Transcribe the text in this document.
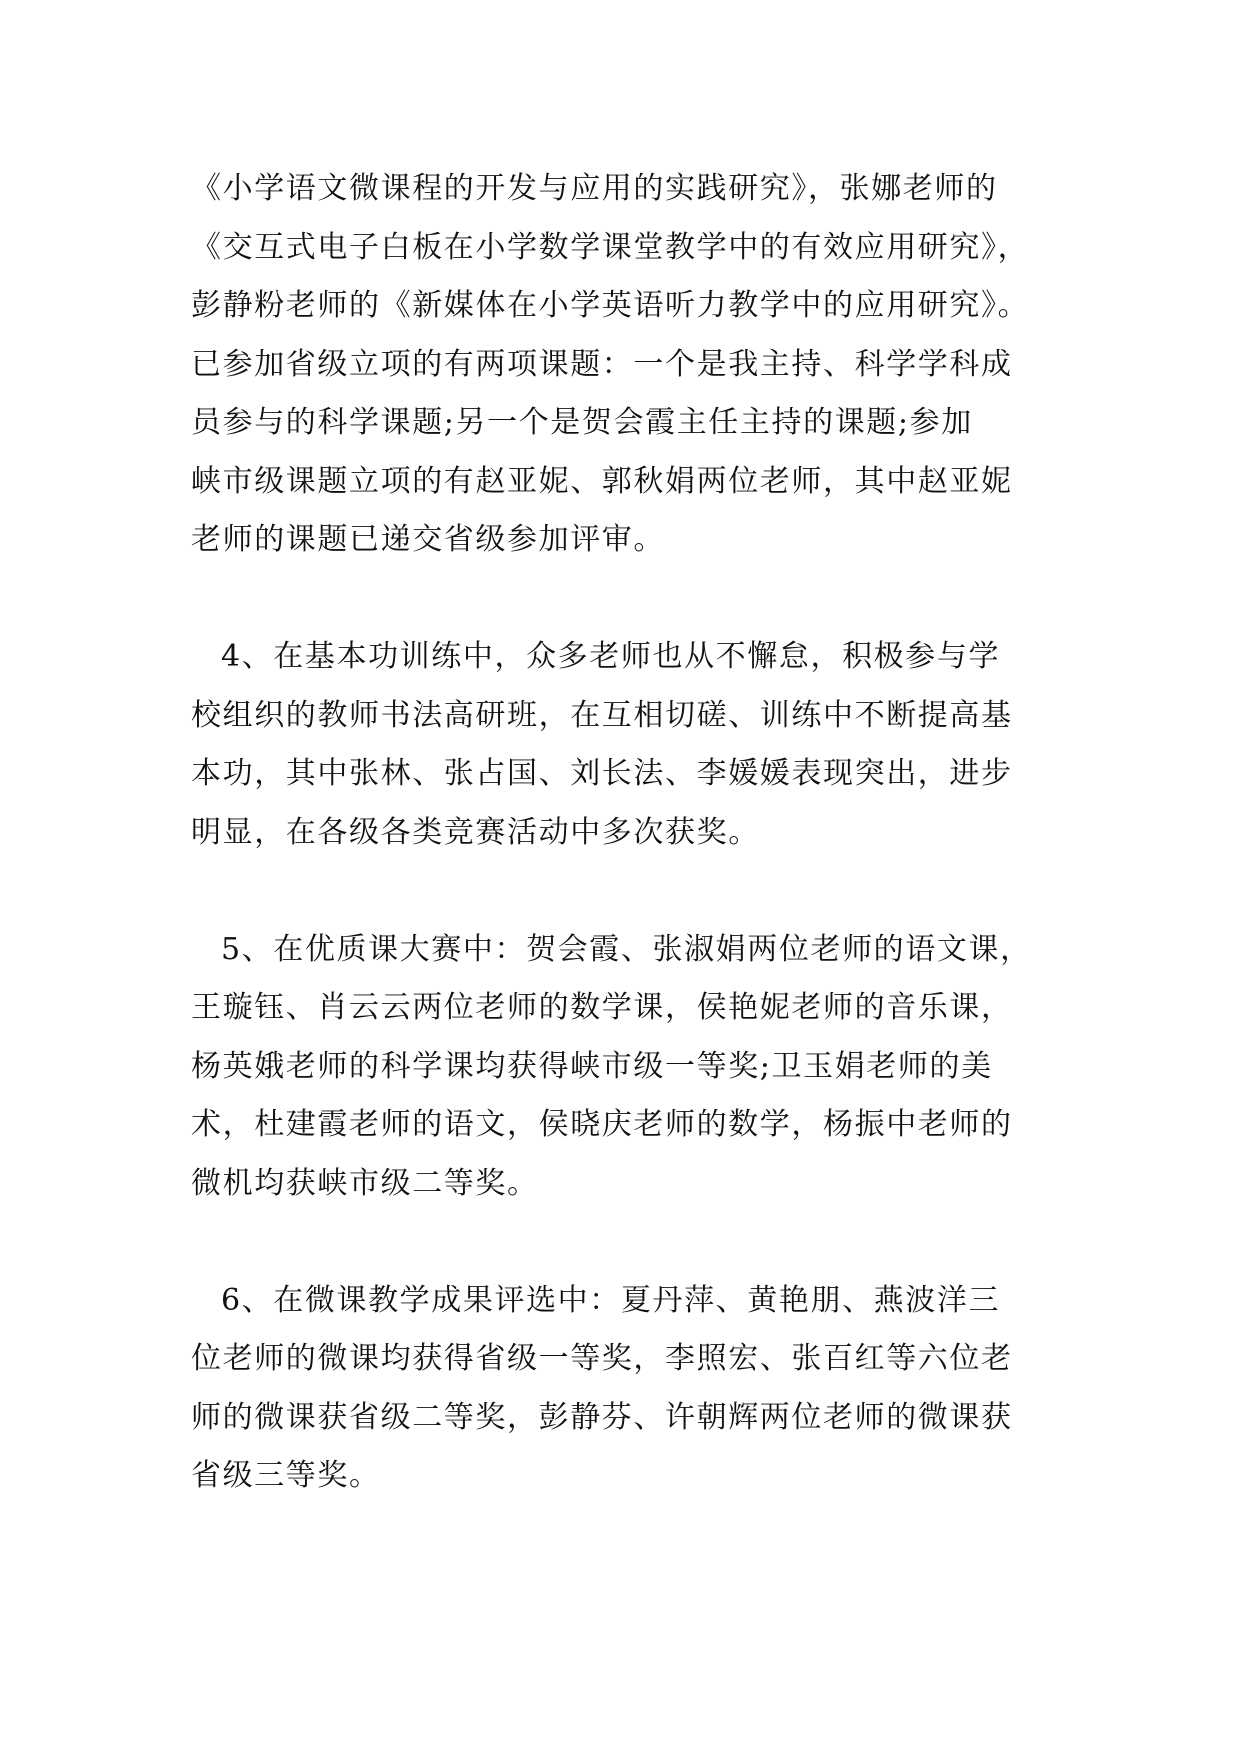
《小学语文微课程的开发与应用的实践研究》，张娜老师的
《交互式电子白板在小学数学课堂教学中的有效应用研究》，
彭静粉老师的《新媒体在小学英语听力教学中的应用研究》。
已参加省级立项的有两项课题：一个是我主持、科学学科成
员参与的科学课题;另一个是贺会霞主任主持的课题;参加
峡市级课题立项的有赵亚妮、郭秋娟两位老师，其中赵亚妮
老师的课题已递交省级参加评审。

4、在基本功训练中，众多老师也从不懈怠，积极参与学
校组织的教师书法高研班，在互相切磋、训练中不断提高基
本功，其中张林、张占国、刘长法、李媛媛表现突出，进步
明显，在各级各类竞赛活动中多次获奖。

5、在优质课大赛中：贺会霞、张淑娟两位老师的语文课，
王璇钰、肖云云两位老师的数学课，侯艳妮老师的音乐课，
杨英娥老师的科学课均获得峡市级一等奖;卫玉娟老师的美
术，杜建霞老师的语文，侯晓庆老师的数学，杨振中老师的
微机均获峡市级二等奖。

6、在微课教学成果评选中：夏丹萍、黄艳朋、燕波洋三
位老师的微课均获得省级一等奖，李照宏、张百红等六位老
师的微课获省级二等奖，彭静芬、许朝辉两位老师的微课获
省级三等奖。
